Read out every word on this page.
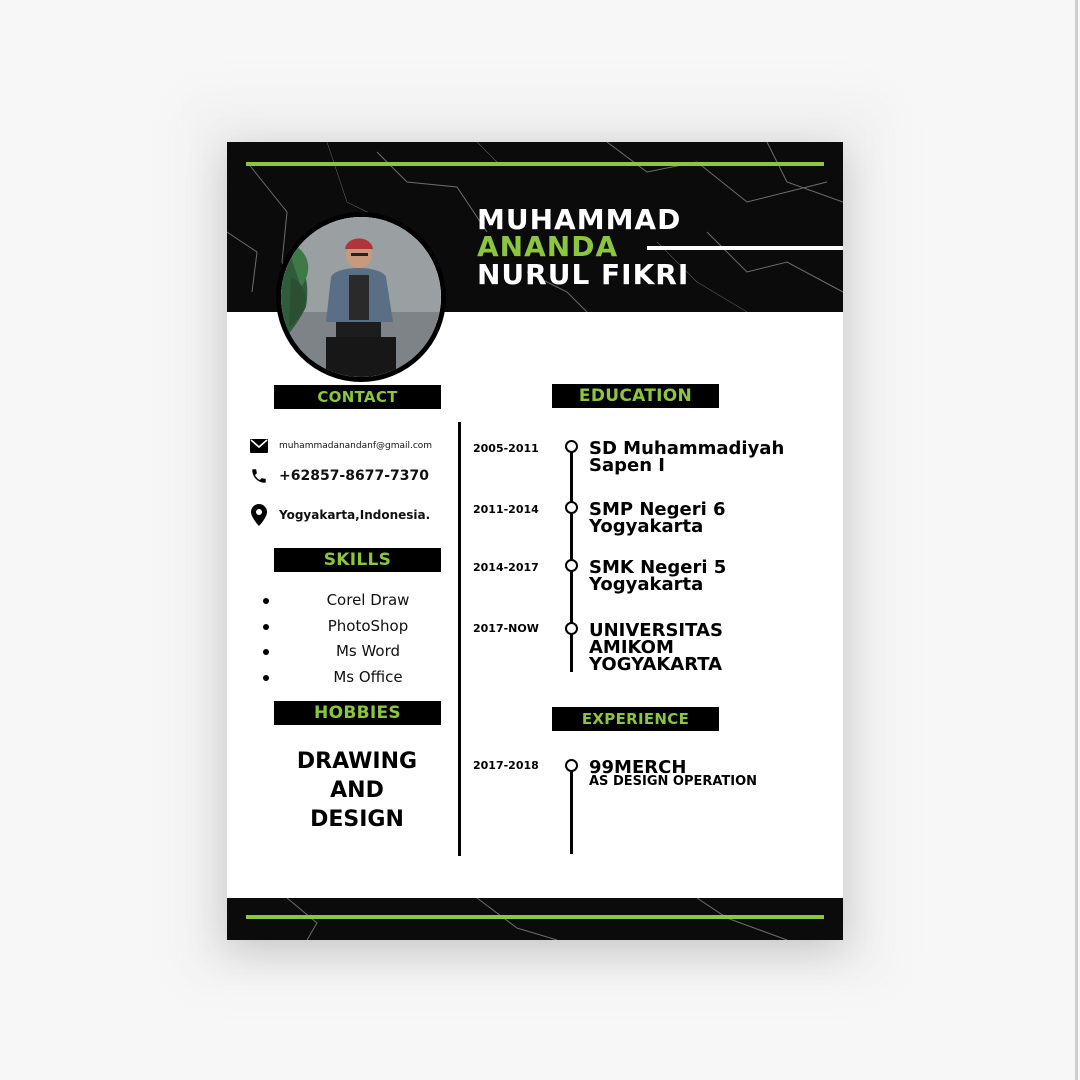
MUHAMMAD
ANANDA
NURUL FIKRI
CONTACT
muhammadanandanf@gmail.com
+62857-8677-7370
Yogyakarta,Indonesia.
SKILLS
Corel Draw
PhotoShop
Ms Word
Ms Office
HOBBIES
DRAWING
AND
DESIGN
EDUCATION
2005-2011	SD Muhammadiyah
Sapen I
2011-2014	SMP Negeri 6
Yogyakarta
2014-2017	SMK Negeri 5
Yogyakarta
2017-NOW	UNIVERSITAS
AMIKOM
YOGYAKARTA
EXPERIENCE
2017-2018	99MERCH
AS DESIGN OPERATION
